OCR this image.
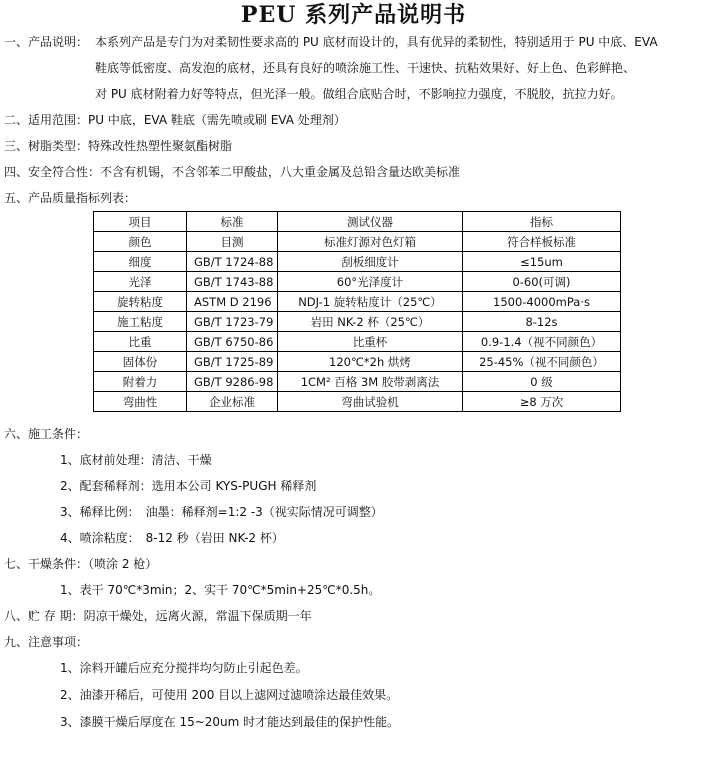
PEU 系列产品说明书
一、产品说明： 本系列产品是专门为对柔韧性要求高的 PU 底材而设计的，具有优异的柔韧性，特别适用于 PU 中底、EVA
鞋底等低密度、高发泡的底材，还具有良好的喷涂施工性、干速快、抗粘效果好、好上色、色彩鲜艳、
对 PU 底材附着力好等特点，但光泽一般。做组合底贴合时，不影响拉力强度，不脱胶，抗拉力好。
二、适用范围：PU 中底，EVA 鞋底（需先喷或刷 EVA 处理剂）
三、树脂类型：特殊改性热塑性聚氨酯树脂
四、安全符合性：不含有机锡，不含邻苯二甲酸盐，八大重金属及总铅含量达欧美标准
五、产品质量指标列表：
项目	标准	测试仪器	指标
颜色	目测	标准灯源对色灯箱	符合样板标准
细度	GB/T 1724-88	刮板细度计	≤15um
光泽	GB/T 1743-88	60°光泽度计	0-60(可调)
旋转粘度	ASTM D 2196	NDJ-1 旋转粘度计（25℃）	1500-4000mPa·s
施工粘度	GB/T 1723-79	岩田 NK-2 杯（25℃）	8-12s
比重	GB/T 6750-86	比重杯	0.9-1.4（视不同颜色）
固体份	GB/T 1725-89	120℃*2h 烘烤	25-45%（视不同颜色）
附着力	GB/T 9286-98	1CM² 百格 3M 胶带剥离法	0 级
弯曲性	企业标准	弯曲试验机	≥8 万次
六、施工条件：
1、底材前处理：清洁、干燥
2、配套稀释剂：选用本公司 KYS-PUGH 稀释剂
3、稀释比例：　油墨：稀释剂=1:2 -3（视实际情况可调整）
4、喷涂粘度：　8-12 秒（岩田 NK-2 杯）
七、干燥条件：（喷涂 2 枪）
1、表干 70℃*3min；2、实干 70℃*5min+25℃*0.5h。
八、贮 存 期：阴凉干燥处，远离火源，常温下保质期一年
九、注意事项：
1、涂料开罐后应充分搅拌均匀防止引起色差。
2、油漆开稀后，可使用 200 目以上滤网过滤喷涂达最佳效果。
3、漆膜干燥后厚度在 15~20um 时才能达到最佳的保护性能。
